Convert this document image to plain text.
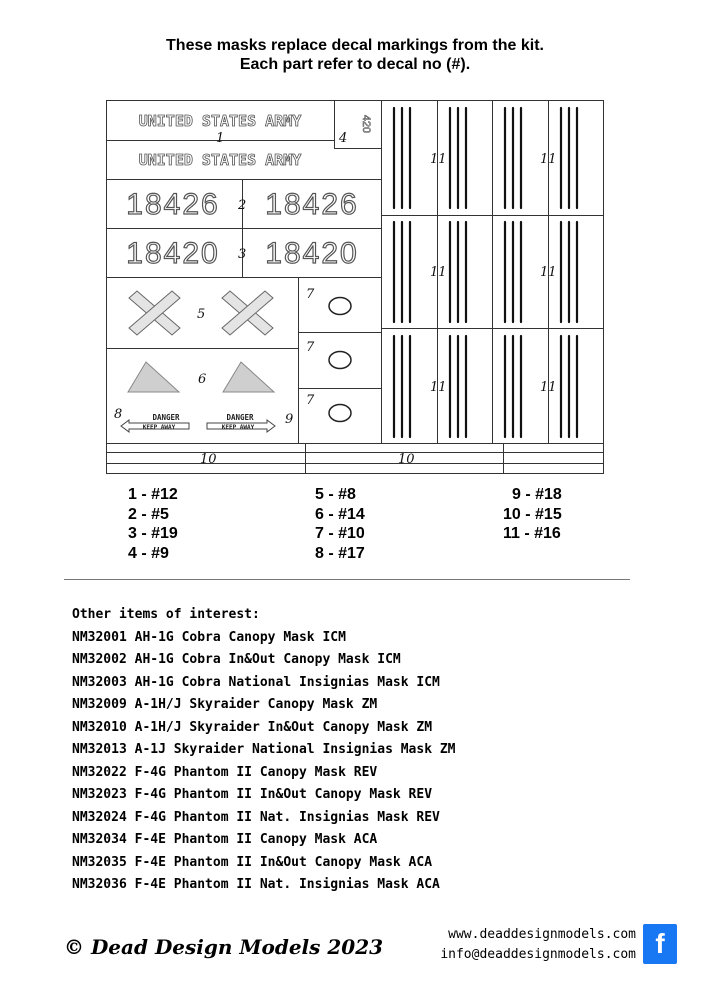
These masks replace decal markings from the kit.
Each part refer to decal no (#).
UNITED STATES ARMY
UNITED STATES ARMY
18426 18426
18420 18420
420
DANGER
KEEP AWAY
DANGER
KEEP AWAY
1	4
2
3
5
6
7
7
7
8	9
10	10
11	11
11	11
11	11
1 - #12
2 - #5
3 - #19
4 - #9
5 - #8
6 - #14
7 - #10
8 - #17
9 - #18
10 - #15
11 - #16
Other items of interest:
NM32001 AH-1G Cobra Canopy Mask ICM
NM32002 AH-1G Cobra In&Out Canopy Mask ICM
NM32003 AH-1G Cobra National Insignias Mask ICM
NM32009 A-1H/J Skyraider Canopy Mask ZM
NM32010 A-1H/J Skyraider In&Out Canopy Mask ZM
NM32013 A-1J Skyraider National Insignias Mask ZM
NM32022 F-4G Phantom II Canopy Mask REV
NM32023 F-4G Phantom II In&Out Canopy Mask REV
NM32024 F-4G Phantom II Nat. Insignias Mask REV
NM32034 F-4E Phantom II Canopy Mask ACA
NM32035 F-4E Phantom II In&Out Canopy Mask ACA
NM32036 F-4E Phantom II Nat. Insignias Mask ACA
© Dead Design Models 2023
www.deaddesignmodels.com
info@deaddesignmodels.com f
